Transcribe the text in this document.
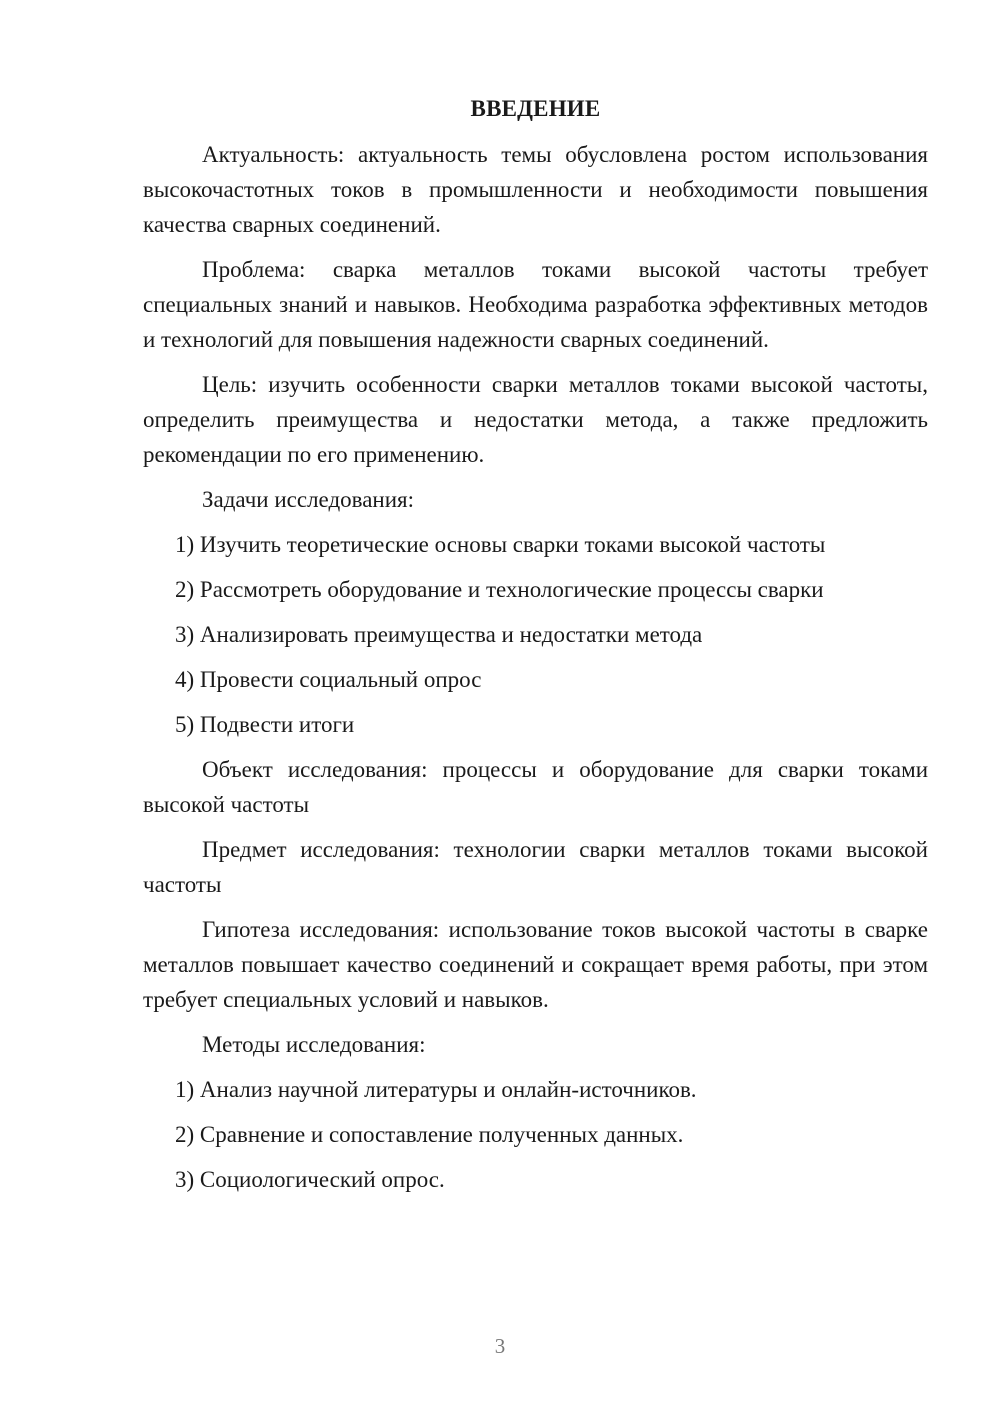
ВВЕДЕНИЕ

Актуальность: актуальность темы обусловлена ростом использования высокочастотных токов в промышленности и необходимости повышения качества сварных соединений.

Проблема: сварка металлов токами высокой частоты требует специальных знаний и навыков. Необходима разработка эффективных методов и технологий для повышения надежности сварных соединений.

Цель: изучить особенности сварки металлов токами высокой частоты, определить преимущества и недостатки метода, а также предложить рекомендации по его применению.

Задачи исследования:
1) Изучить теоретические основы сварки токами высокой частоты
2) Рассмотреть оборудование и технологические процессы сварки
3) Анализировать преимущества и недостатки метода
4) Провести социальный опрос
5) Подвести итоги

Объект исследования: процессы и оборудование для сварки токами высокой частоты

Предмет исследования: технологии сварки металлов токами высокой частоты

Гипотеза исследования: использование токов высокой частоты в сварке металлов повышает качество соединений и сокращает время работы, при этом требует специальных условий и навыков.

Методы исследования:
1) Анализ научной литературы и онлайн-источников.
2) Сравнение и сопоставление полученных данных.
3) Социологический опрос.
3
